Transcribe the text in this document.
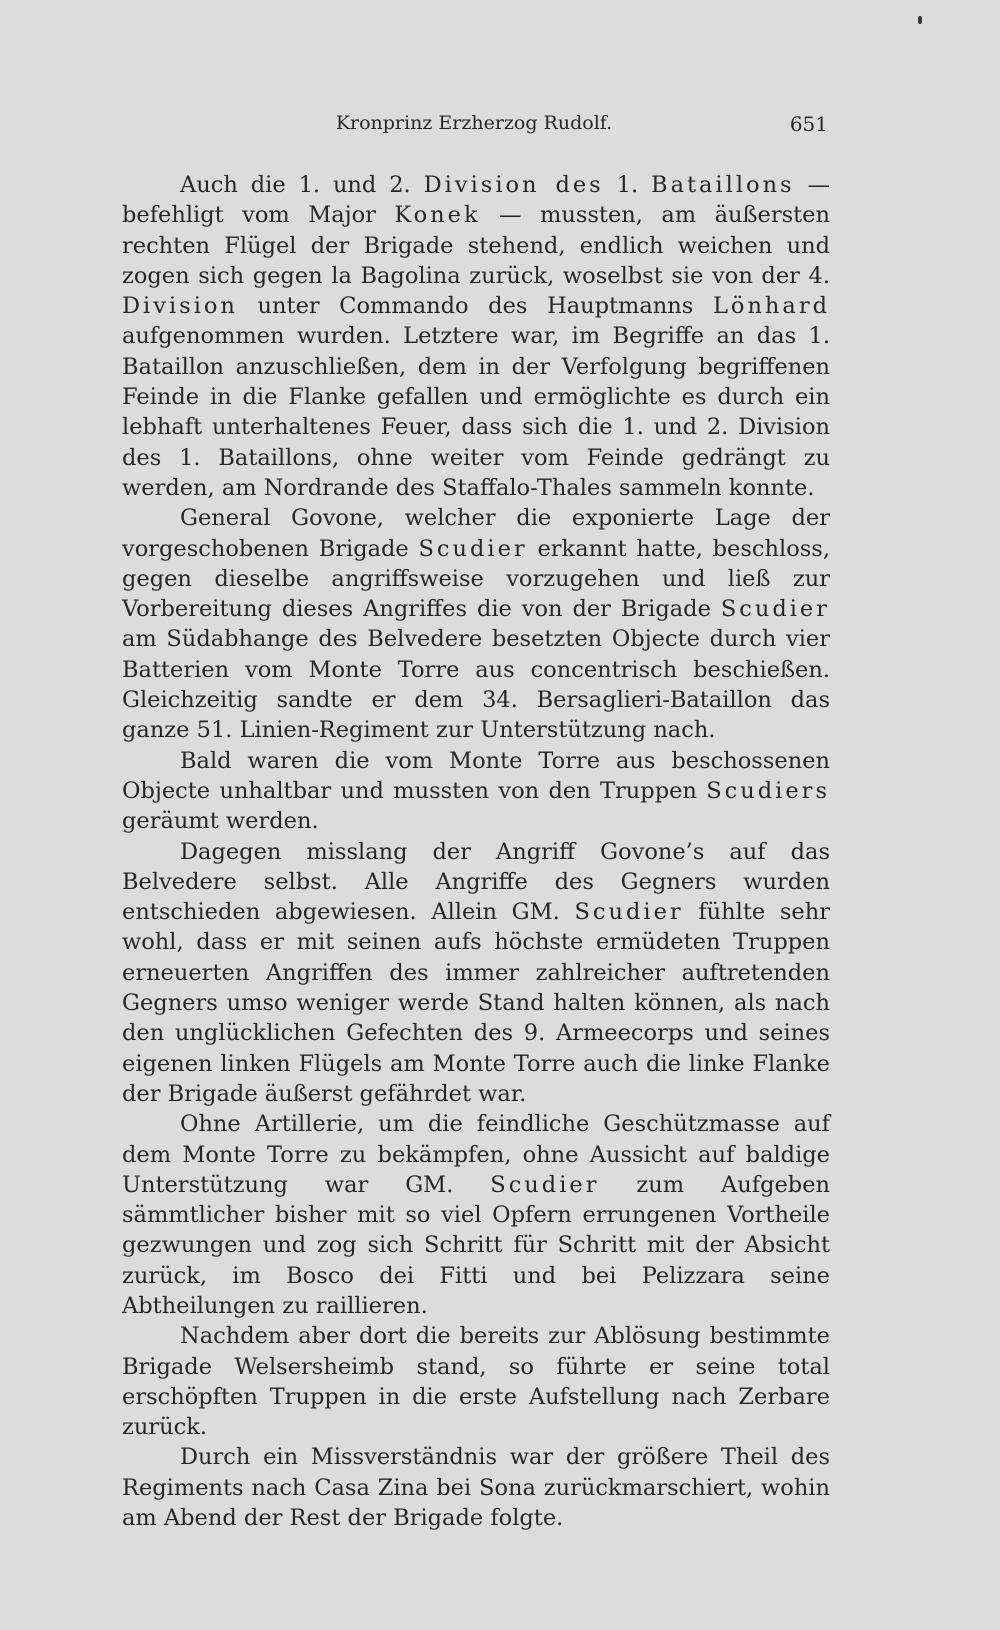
Kronprinz Erzherzog Rudolf.	651

Auch die 1. und 2. Division des 1. Bataillons — befehligt vom Major Konek — mussten, am äußersten rechten Flügel der Brigade stehend, endlich weichen und zogen sich gegen la Bagolina zurück, woselbst sie von der 4. Division unter Commando des Hauptmanns Lönhard aufgenommen wurden. Letztere war, im Begriffe an das 1. Bataillon anzuschließen, dem in der Verfolgung begriffenen Feinde in die Flanke gefallen und ermöglichte es durch ein lebhaft unterhaltenes Feuer, dass sich die 1. und 2. Division des 1. Bataillons, ohne weiter vom Feinde gedrängt zu werden, am Nordrande des Staffalo-Thales sammeln konnte.

General Govone, welcher die exponierte Lage der vorgeschobenen Brigade Scudier erkannt hatte, beschloss, gegen dieselbe angriffsweise vorzugehen und ließ zur Vorbereitung dieses Angriffes die von der Brigade Scudier am Südabhange des Belvedere besetzten Objecte durch vier Batterien vom Monte Torre aus concentrisch beschießen. Gleichzeitig sandte er dem 34. Bersaglieri-Bataillon das ganze 51. Linien-Regiment zur Unterstützung nach.

Bald waren die vom Monte Torre aus beschossenen Objecte unhaltbar und mussten von den Truppen Scudiers geräumt werden.

Dagegen misslang der Angriff Govone’s auf das Belvedere selbst. Alle Angriffe des Gegners wurden entschieden abgewiesen. Allein GM. Scudier fühlte sehr wohl, dass er mit seinen aufs höchste ermüdeten Truppen erneuerten Angriffen des immer zahlreicher auftretenden Gegners umso weniger werde Stand halten können, als nach den unglücklichen Gefechten des 9. Armeecorps und seines eigenen linken Flügels am Monte Torre auch die linke Flanke der Brigade äußerst gefährdet war.

Ohne Artillerie, um die feindliche Geschützmasse auf dem Monte Torre zu bekämpfen, ohne Aussicht auf baldige Unterstützung war GM. Scudier zum Aufgeben sämmtlicher bisher mit so viel Opfern errungenen Vortheile gezwungen und zog sich Schritt für Schritt mit der Absicht zurück, im Bosco dei Fitti und bei Pelizzara seine Abtheilungen zu raillieren.

Nachdem aber dort die bereits zur Ablösung bestimmte Brigade Welsersheimb stand, so führte er seine total erschöpften Truppen in die erste Aufstellung nach Zerbare zurück.

Durch ein Missverständnis war der größere Theil des Regiments nach Casa Zina bei Sona zurückmarschiert, wohin am Abend der Rest der Brigade folgte.
